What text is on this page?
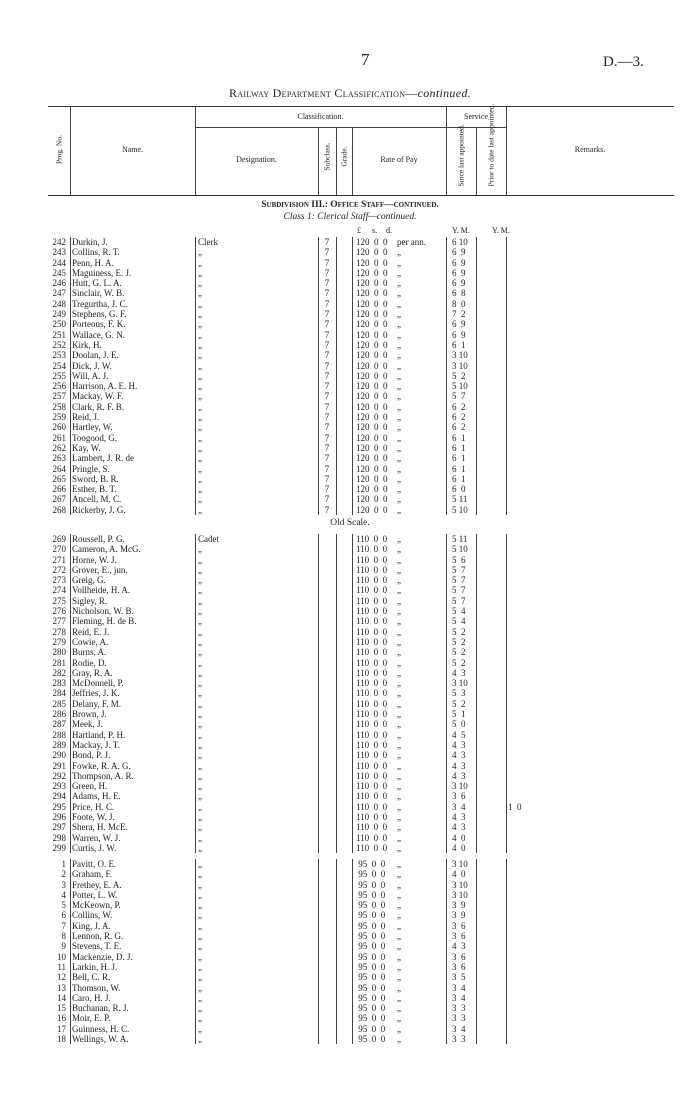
7	D.—3.
Railway Department Classification—continued.
Prog. No.	Name.
Classification.
Designation.	Subclass. Grade.	Rate of Pay
Service
Since last appointed.	Prior to date last appointed.	Remarks.
Subdivision III.: Office Staff—continued.
Class 1: Clerical Staff—continued.
£ s. d.	Y. M.	Y. M.
242 Durkin, J.	Clerk	7	120  0  0	per ann.	6 10
243 Collins, R. T.	„	7	120  0  0	„	6  9
244 Penn, H. A.	„	7	120  0  0	„	6  9
245 Maguiness, E. J.	„	7	120  0  0	„	6  9
246 Hutt, G. L. A.	„	7	120  0  0	„	6  9
247 Sinclair, W. B.	„	7	120  0  0	„	6  8
248 Tregurtha, J. C.	„	7	120  0  0	„	8  0
249 Stephens, G. F.	„	7	120  0  0	„	7  2
250 Porteous, F. K.	„	7	120  0  0	„	6  9
251 Wallace, G. N.	„	7	120  0  0	„	6  9
252 Kirk, H.	„	7	120  0  0	„	6  1
253 Doolan, J. E.	„	7	120  0  0	„	3 10
254 Dick, J. W.	„	7	120  0  0	„	3 10
255 Will, A. J.	„	7	120  0  0	„	5  2
256 Harrison, A. E. H.	„	7	120  0  0	„	5 10
257 Mackay, W. F.	„	7	120  0  0	„	5  7
258 Clark, R. F. B.	„	7	120  0  0	„	6  2
259 Reid, J.	„	7	120  0  0	„	6  2
260 Hartley, W.	„	7	120  0  0	„	6  2
261 Toogood, G.	„	7	120  0  0	„	6  1
262 Kay, W.	„	7	120  0  0	„	6  1
263 Lambert, J. R. de	„	7	120  0  0	„	6  1
264 Pringle, S.	„	7	120  0  0	„	6  1
265 Sword, B. R.	„	7	120  0  0	„	6  1
266 Esther, B. T.	„	7	120  0  0	„	6  0
267 Ancell, M. C.	„	7	120  0  0	„	5 11
268 Rickerby, J. G.	„	7	120  0  0	„	5 10
Old Scale.
269 Roussell, P. G.	Cadet	110  0  0	„	5 11
270 Cameron, A. McG.	„	110  0  0	„	5 10
271 Horne, W. J.	„	110  0  0	„	5  6
272 Grover, E., jun.	„	110  0  0	„	5  7
273 Greig, G.	„	110  0  0	„	5  7
274 Vollheide, H. A.	„	110  0  0	„	5  7
275 Sigley, R.	„	110  0  0	„	5  7
276 Nicholson, W. B.	„	110  0  0	„	5  4
277 Fleming, H. de B.	„	110  0  0	„	5  4
278 Reid, E. J.	„	110  0  0	„	5  2
279 Cowie, A.	„	110  0  0	„	5  2
280 Burns, A.	„	110  0  0	„	5  2
281 Rodie, D.	„	110  0  0	„	5  2
282 Gray, R. A.	„	110  0  0	„	4  3
283 McDonnell, P.	„	110  0  0	„	3 10
284 Jeffries, J. K.	„	110  0  0	„	5  3
285 Delany, F. M.	„	110  0  0	„	5  2
286 Brown, J.	„	110  0  0	„	5  1
287 Meek, J.	„	110  0  0	„	5  0
288 Hartland, P. H.	„	110  0  0	„	4  5
289 Mackay, J. T.	„	110  0  0	„	4  3
290 Bond, P. J.	„	110  0  0	„	4  3
291 Fowke, R. A. G.	„	110  0  0	„	4  3
292 Thompson, A. R.	„	110  0  0	„	4  3
293 Green, H.	„	110  0  0	„	3 10
294 Adams, H. E.	„	110  0  0	„	3  6
295 Price, H. C.	„	110  0  0	„	3  4	1  0
296 Foote, W. J.	„	110  0  0	„	4  3
297 Shera, H. McE.	„	110  0  0	„	4  3
298 Warren, W. J.	„	110  0  0	„	4  0
299 Curtis, J. W.	„	110  0  0	„	4  0
1 Pavitt, O. E.	„	95  0  0	„	3 10
2 Graham, F.	„	95  0  0	„	4  0
3 Frethey, E. A.	„	95  0  0	„	3 10
4 Potter, L. W.	„	95  0  0	„	3 10
5 McKeown, P.	„	95  0  0	„	3  9
6 Collins, W.	„	95  0  0	„	3  9
7 King, J. A.	„	95  0  0	„	3  6
8 Lennon, R. G.	„	95  0  0	„	3  6
9 Stevens, T. E.	„	95  0  0	„	4  3
10 Mackenzie, D. J.	„	95  0  0	„	3  6
11 Larkin, H. J.	„	95  0  0	„	3  6
12 Bell, C. R.	„	95  0  0	„	3  5
13 Thomson, W.	„	95  0  0	„	3  4
14 Caro, H. J.	„	95  0  0	„	3  4
15 Buchanan, R. J.	„	95  0  0	„	3  3
16 Moir, E. P.	„	95  0  0	„	3  3
17 Guinness, H. C.	„	95  0  0	„	3  4
18 Wellings, W. A.	„	95  0  0	„	3  3
